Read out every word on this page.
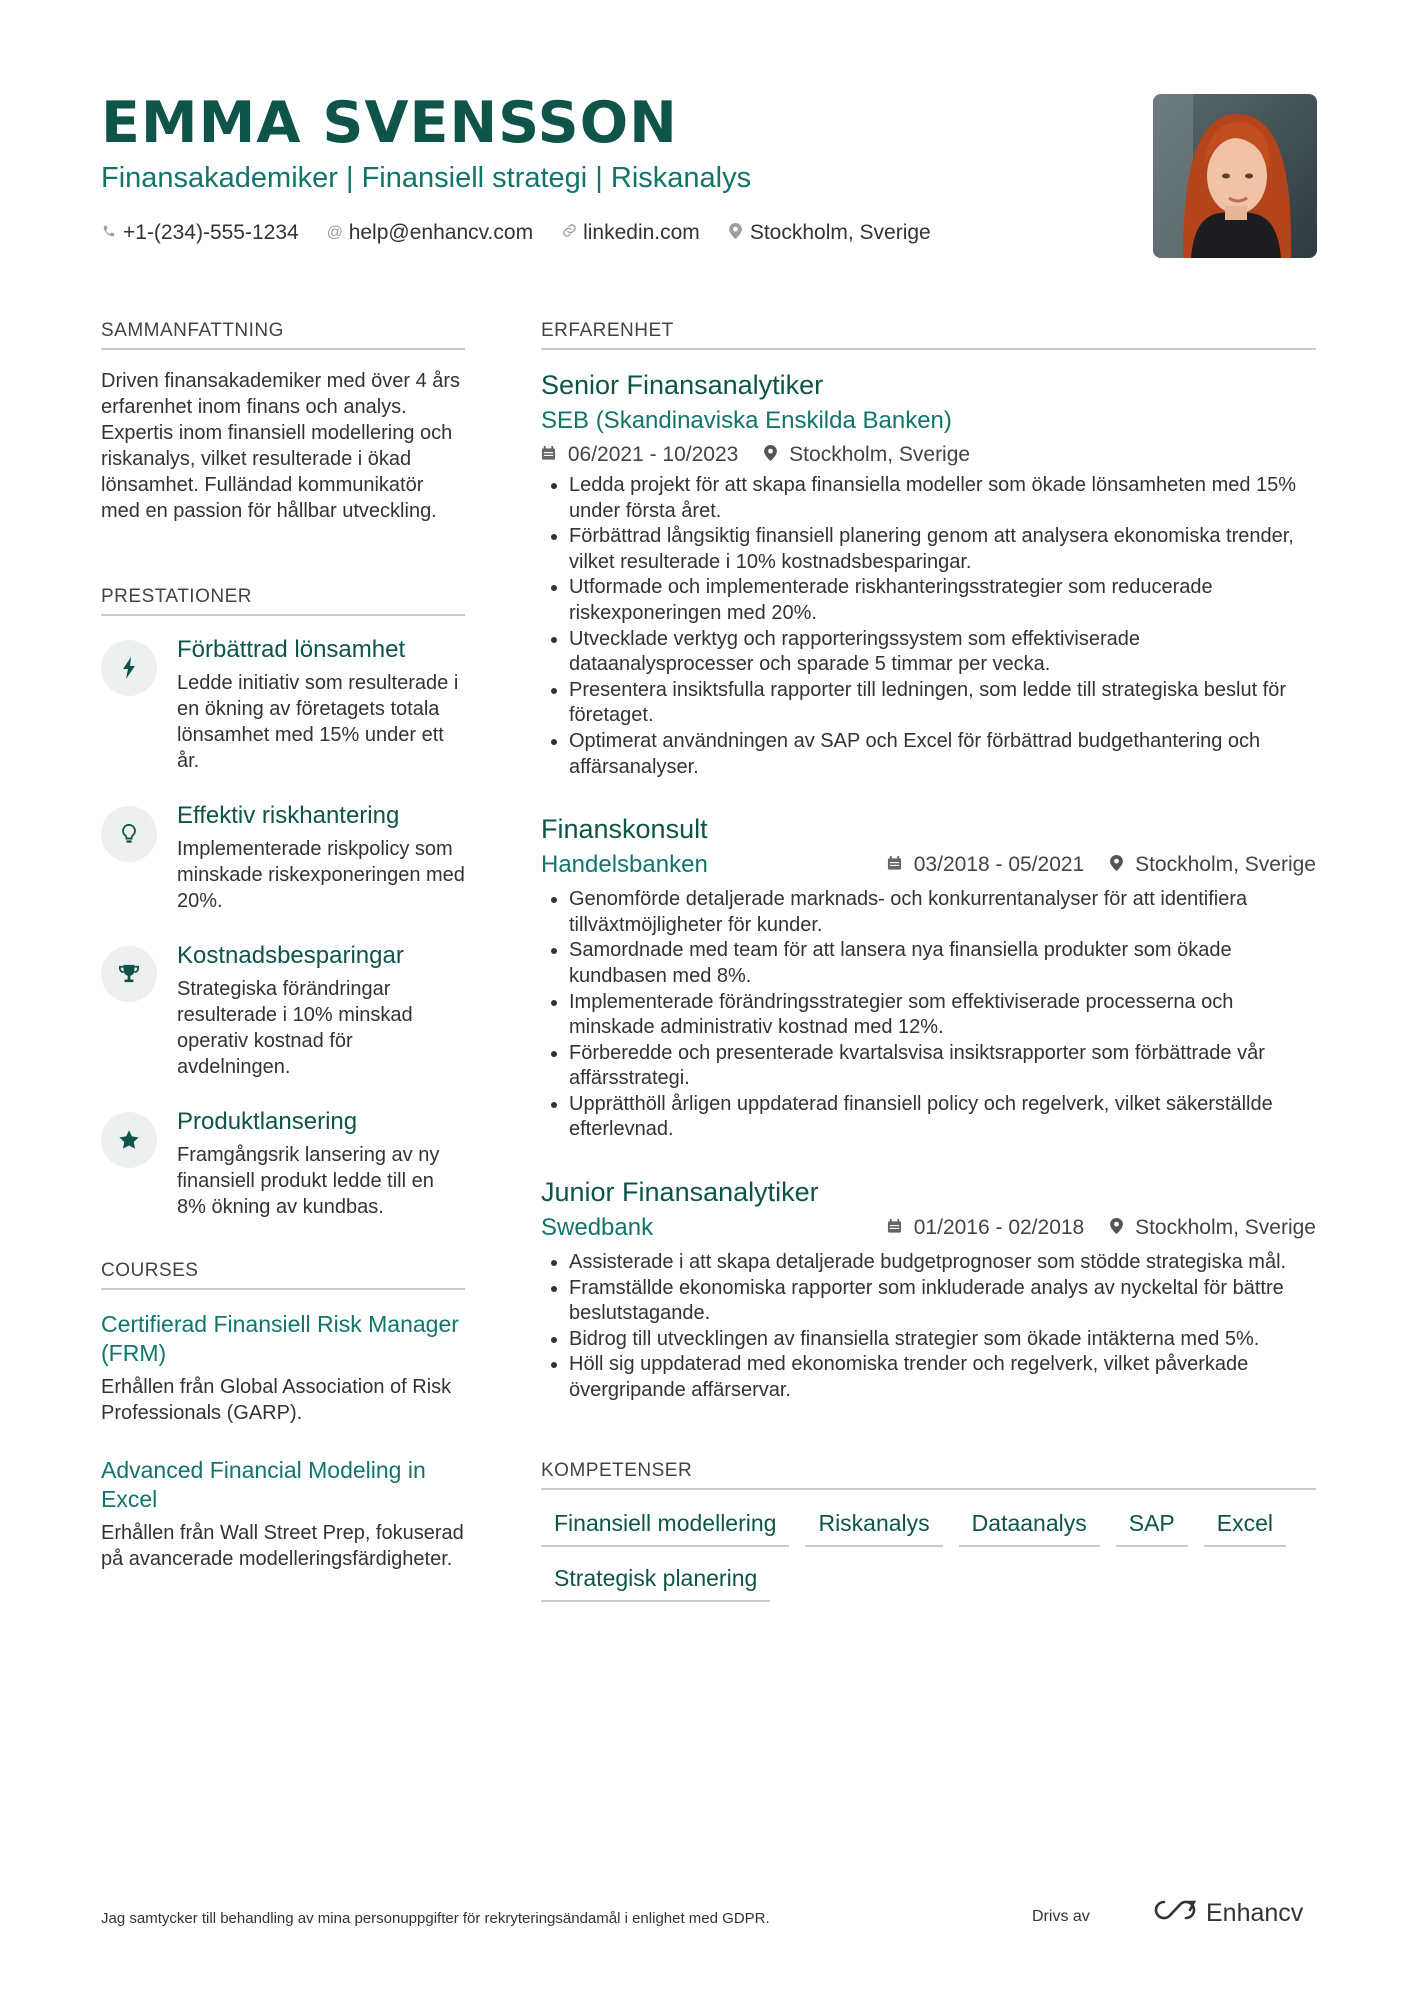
EMMA SVENSSON
Finansakademiker | Finansiell strategi | Riskanalys
+1-(234)-555-1234 @ help@enhancv.com linkedin.com Stockholm, Sverige
SAMMANFATTNING

Driven finansakademiker med över 4 års erfarenhet inom finans och analys. Expertis inom finansiell modellering och riskanalys, vilket resulterade i ökad lönsamhet. Fulländad kommunikatör med en passion för hållbar utveckling.

PRESTATIONER
Förbättrad lönsamhet
Ledde initiativ som resulterade i en ökning av företagets totala lönsamhet med 15% under ett år.
Effektiv riskhantering
Implementerade riskpolicy som minskade riskexponeringen med 20%.
Kostnadsbesparingar
Strategiska förändringar resulterade i 10% minskad operativ kostnad för avdelningen.
Produktlansering
Framgångsrik lansering av ny finansiell produkt ledde till en 8% ökning av kundbas.
COURSES
Certifierad Finansiell Risk Manager (FRM)
Erhållen från Global Association of Risk Professionals (GARP).
Advanced Financial Modeling in Excel
Erhållen från Wall Street Prep, fokuserad på avancerade modelleringsfärdigheter.
ERFARENHET
Senior Finansanalytiker
SEB (Skandinaviska Enskilda Banken)
06/2021 - 10/2023	Stockholm, Sverige
• Ledda projekt för att skapa finansiella modeller som ökade lönsamheten med 15% under första året.
• Förbättrad långsiktig finansiell planering genom att analysera ekonomiska trender, vilket resulterade i 10% kostnadsbesparingar.
• Utformade och implementerade riskhanteringsstrategier som reducerade riskexponeringen med 20%.
• Utvecklade verktyg och rapporteringssystem som effektiviserade dataanalysprocesser och sparade 5 timmar per vecka.
• Presentera insiktsfulla rapporter till ledningen, som ledde till strategiska beslut för företaget.
• Optimerat användningen av SAP och Excel för förbättrad budgethantering och affärsanalyser.
Finanskonsult
Handelsbanken	03/2018 - 05/2021	Stockholm, Sverige
• Genomförde detaljerade marknads- och konkurrentanalyser för att identifiera tillväxtmöjligheter för kunder.
• Samordnade med team för att lansera nya finansiella produkter som ökade kundbasen med 8%.
• Implementerade förändringsstrategier som effektiviserade processerna och minskade administrativ kostnad med 12%.
• Förberedde och presenterade kvartalsvisa insiktsrapporter som förbättrade vår affärsstrategi.
• Upprätthöll årligen uppdaterad finansiell policy och regelverk, vilket säkerställde efterlevnad.
Junior Finansanalytiker
Swedbank	01/2016 - 02/2018	Stockholm, Sverige
• Assisterade i att skapa detaljerade budgetprognoser som stödde strategiska mål.
• Framställde ekonomiska rapporter som inkluderade analys av nyckeltal för bättre beslutstagande.
• Bidrog till utvecklingen av finansiella strategier som ökade intäkterna med 5%.
• Höll sig uppdaterad med ekonomiska trender och regelverk, vilket påverkade övergripande affärservar.
KOMPETENSER
Finansiell modellering	Riskanalys	Dataanalys	SAP	Excel
Strategisk planering
Jag samtycker till behandling av mina personuppgifter för rekryteringsändamål i enlighet med GDPR.	Drivs av	Enhancv
